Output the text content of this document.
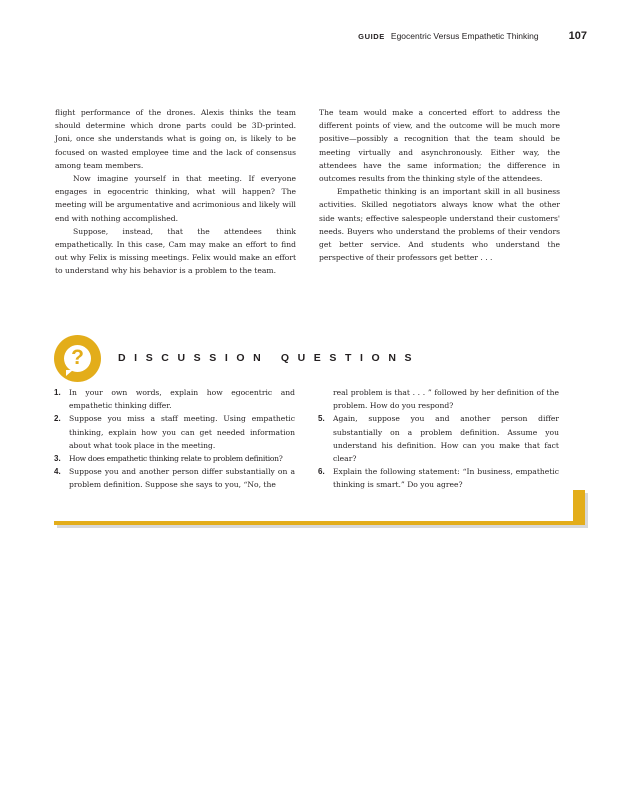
GUIDE Egocentric Versus Empathetic Thinking	107

flight performance of the drones. Alexis thinks the team should determine which drone parts could be 3D-printed. Joni, once she understands what is going on, is likely to be focused on wasted employee time and the lack of consensus among team members.

Now imagine yourself in that meeting. If everyone engages in egocentric thinking, what will happen? The meeting will be argumentative and acrimonious and likely will end with nothing accomplished.

Suppose, instead, that the attendees think empathetically. In this case, Cam may make an effort to find out why Felix is missing meetings. Felix would make an effort to understand why his behavior is a problem to the team.

The team would make a concerted effort to address the different points of view, and the outcome will be much more positive—possibly a recognition that the team should be meeting virtually and asynchronously. Either way, the attendees have the same information; the difference in outcomes results from the thinking style of the attendees.

Empathetic thinking is an important skill in all business activities. Skilled negotiators always know what the other side wants; effective salespeople understand their customers' needs. Buyers who understand the problems of their vendors get better service. And students who understand the perspective of their professors get better . . .

?	DISCUSSION QUESTIONS
1.	In your own words, explain how egocentric and empathetic thinking differ.
2.	Suppose you miss a staff meeting. Using empathetic thinking, explain how you can get needed information about what took place in the meeting.
3.	How does empathetic thinking relate to problem definition?
4.	Suppose you and another person differ substantially on a problem definition. Suppose she says to you, “No, the
real problem is that . . . ” followed by her definition of the problem. How do you respond?
5.	Again, suppose you and another person differ substantially on a problem definition. Assume you understand his definition. How can you make that fact clear?
6.	Explain the following statement: “In business, empathetic thinking is smart.” Do you agree?
